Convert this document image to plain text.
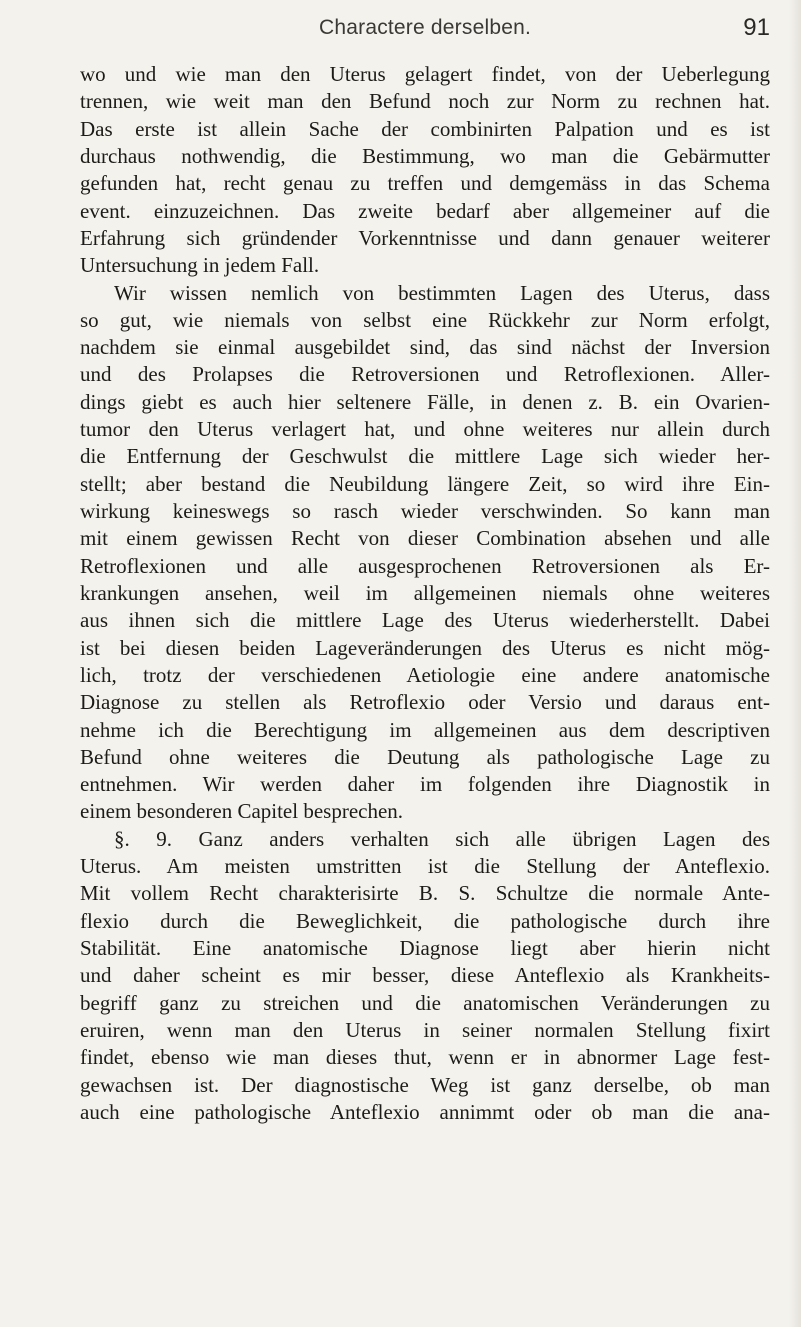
Charactere derselben.	91
wo und wie man den Uterus gelagert findet, von der Ueberlegung
trennen, wie weit man den Befund noch zur Norm zu rechnen hat.
Das erste ist allein Sache der combinirten Palpation und es ist
durchaus nothwendig, die Bestimmung, wo man die Gebärmutter
gefunden hat, recht genau zu treffen und demgemäss in das Schema
event. einzuzeichnen. Das zweite bedarf aber allgemeiner auf die
Erfahrung sich gründender Vorkenntnisse und dann genauer weiterer
Untersuchung in jedem Fall.
Wir wissen nemlich von bestimmten Lagen des Uterus, dass
so gut, wie niemals von selbst eine Rückkehr zur Norm erfolgt,
nachdem sie einmal ausgebildet sind, das sind nächst der Inversion
und des Prolapses die Retroversionen und Retroflexionen. Aller-
dings giebt es auch hier seltenere Fälle, in denen z. B. ein Ovarien-
tumor den Uterus verlagert hat, und ohne weiteres nur allein durch
die Entfernung der Geschwulst die mittlere Lage sich wieder her-
stellt; aber bestand die Neubildung längere Zeit, so wird ihre Ein-
wirkung keineswegs so rasch wieder verschwinden. So kann man
mit einem gewissen Recht von dieser Combination absehen und alle
Retroflexionen und alle ausgesprochenen Retroversionen als Er-
krankungen ansehen, weil im allgemeinen niemals ohne weiteres
aus ihnen sich die mittlere Lage des Uterus wiederherstellt. Dabei
ist bei diesen beiden Lageveränderungen des Uterus es nicht mög-
lich, trotz der verschiedenen Aetiologie eine andere anatomische
Diagnose zu stellen als Retroflexio oder Versio und daraus ent-
nehme ich die Berechtigung im allgemeinen aus dem descriptiven
Befund ohne weiteres die Deutung als pathologische Lage zu
entnehmen. Wir werden daher im folgenden ihre Diagnostik in
einem besonderen Capitel besprechen.
§. 9. Ganz anders verhalten sich alle übrigen Lagen des
Uterus. Am meisten umstritten ist die Stellung der Anteflexio.
Mit vollem Recht charakterisirte B. S. Schultze die normale Ante-
flexio durch die Beweglichkeit, die pathologische durch ihre
Stabilität. Eine anatomische Diagnose liegt aber hierin nicht
und daher scheint es mir besser, diese Anteflexio als Krankheits-
begriff ganz zu streichen und die anatomischen Veränderungen zu
eruiren, wenn man den Uterus in seiner normalen Stellung fixirt
findet, ebenso wie man dieses thut, wenn er in abnormer Lage fest-
gewachsen ist. Der diagnostische Weg ist ganz derselbe, ob man
auch eine pathologische Anteflexio annimmt oder ob man die ana-
